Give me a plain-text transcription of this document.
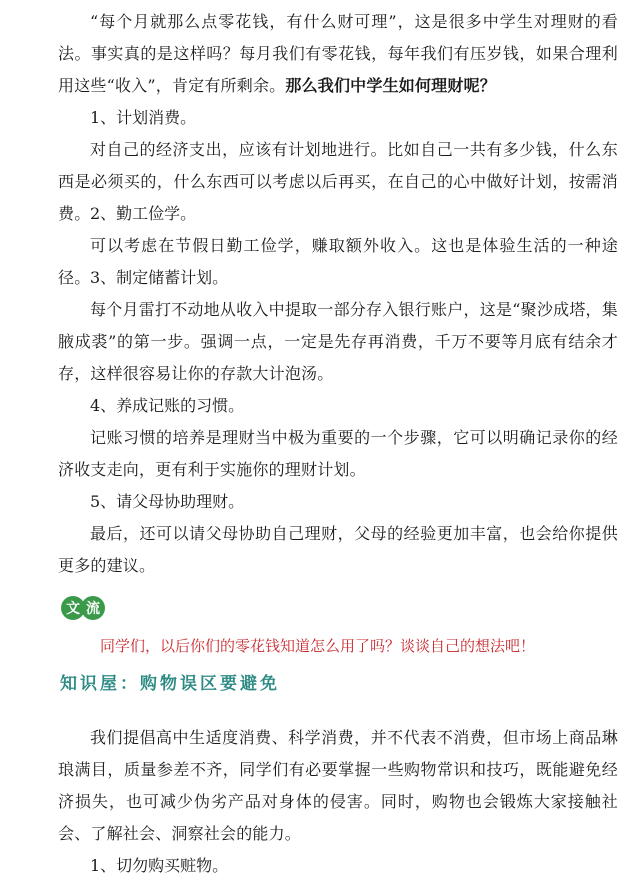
“每个月就那么点零花钱，有什么财可理”，这是很多中学生对理财的看法。事实真的是这样吗？每月我们有零花钱，每年我们有压岁钱，如果合理利用这些“收入”，肯定有所剩余。那么我们中学生如何理财呢？

1、计划消费。

对自己的经济支出，应该有计划地进行。比如自己一共有多少钱，什么东西是必须买的，什么东西可以考虑以后再买，在自己的心中做好计划，按需消费。 2、勤工俭学。

可以考虑在节假日勤工俭学，赚取额外收入。这也是体验生活的一种途径。 3、制定储蓄计划。

每个月雷打不动地从收入中提取一部分存入银行账户，这是“聚沙成塔，集腋成裘”的第一步。强调一点，一定是先存再消费，千万不要等月底有结余才存，这样很容易让你的存款大计泡汤。

4、养成记账的习惯。

记账习惯的培养是理财当中极为重要的一个步骤，它可以明确记录你的经济收支走向，更有利于实施你的理财计划。

5、请父母协助理财。

最后，还可以请父母协助自己理财，父母的经验更加丰富，也会给你提供更多的建议。

文 流

同学们，以后你们的零花钱知道怎么用了吗？谈谈自己的想法吧！

知识屋：购物误区要避免

我们提倡高中生适度消费、科学消费，并不代表不消费，但市场上商品琳琅满目，质量参差不齐，同学们有必要掌握一些购物常识和技巧，既能避免经济损失，也可减少伪劣产品对身体的侵害。同时，购物也会锻炼大家接触社会、了解社会、洞察社会的能力。

1、切勿购买赃物。
